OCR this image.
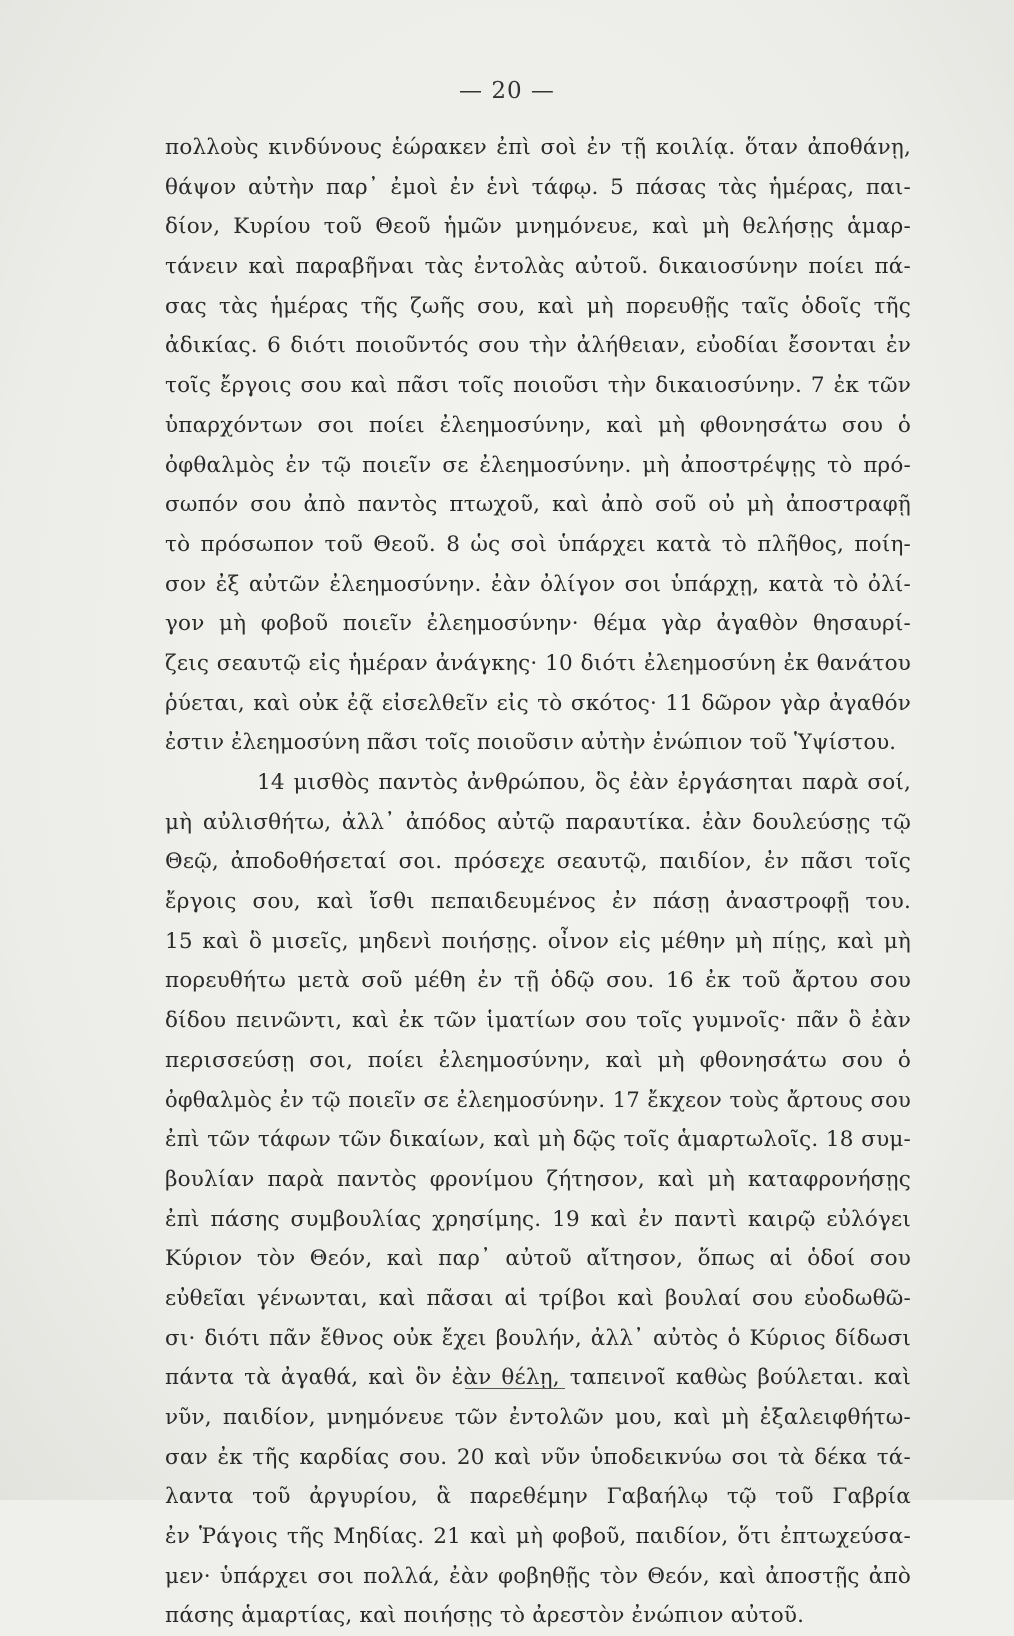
— 20 —
πολλοὺς κινδύνους ἑώρακεν ἐπὶ σοὶ ἐν τῇ κοιλίᾳ. ὅταν ἀποθάνῃ,
θάψον αὐτὴν παρ᾽ ἐμοὶ ἐν ἑνὶ τάφῳ. 5 πάσας τὰς ἡμέρας, παι-
δίον, Κυρίου τοῦ Θεοῦ ἡμῶν μνημόνευε, καὶ μὴ θελήσῃς ἁμαρ-
τάνειν καὶ παραβῆναι τὰς ἐντολὰς αὐτοῦ. δικαιοσύνην ποίει πά-
σας τὰς ἡμέρας τῆς ζωῆς σου, καὶ μὴ πορευθῇς ταῖς ὁδοῖς τῆς
ἀδικίας. 6 διότι ποιοῦντός σου τὴν ἀλήθειαν, εὐοδίαι ἔσονται ἐν
τοῖς ἔργοις σου καὶ πᾶσι τοῖς ποιοῦσι τὴν δικαιοσύνην. 7 ἐκ τῶν
ὑπαρχόντων σοι ποίει ἐλεημοσύνην, καὶ μὴ φθονησάτω σου ὁ
ὀφθαλμὸς ἐν τῷ ποιεῖν σε ἐλεημοσύνην. μὴ ἀποστρέψῃς τὸ πρό-
σωπόν σου ἀπὸ παντὸς πτωχοῦ, καὶ ἀπὸ σοῦ οὐ μὴ ἀποστραφῇ
τὸ πρόσωπον τοῦ Θεοῦ. 8 ὡς σοὶ ὑπάρχει κατὰ τὸ πλῆθος, ποίη-
σον ἐξ αὐτῶν ἐλεημοσύνην. ἐὰν ὀλίγον σοι ὑπάρχῃ, κατὰ τὸ ὀλί-
γον μὴ φοβοῦ ποιεῖν ἐλεημοσύνην· θέμα γὰρ ἀγαθὸν θησαυρί-
ζεις σεαυτῷ εἰς ἡμέραν ἀνάγκης· 10 διότι ἐλεημοσύνη ἐκ θανάτου
ῥύεται, καὶ οὐκ ἐᾷ εἰσελθεῖν εἰς τὸ σκότος· 11 δῶρον γὰρ ἀγαθόν
ἐστιν ἐλεημοσύνη πᾶσι τοῖς ποιοῦσιν αὐτὴν ἐνώπιον τοῦ Ὑψίστου.
14 μισθὸς παντὸς ἀνθρώπου, ὃς ἐὰν ἐργάσηται παρὰ σοί,
μὴ αὐλισθήτω, ἀλλ᾽ ἀπόδος αὐτῷ παραυτίκα. ἐὰν δουλεύσῃς τῷ
Θεῷ, ἀποδοθήσεταί σοι. πρόσεχε σεαυτῷ, παιδίον, ἐν πᾶσι τοῖς
ἔργοις σου, καὶ ἴσθι πεπαιδευμένος ἐν πάσῃ ἀναστροφῇ του.
15 καὶ ὃ μισεῖς, μηδενὶ ποιήσῃς. οἶνον εἰς μέθην μὴ πίῃς, καὶ μὴ
πορευθήτω μετὰ σοῦ μέθη ἐν τῇ ὁδῷ σου. 16 ἐκ τοῦ ἄρτου σου
δίδου πεινῶντι, καὶ ἐκ τῶν ἱματίων σου τοῖς γυμνοῖς· πᾶν ὃ ἐὰν
περισσεύσῃ σοι, ποίει ἐλεημοσύνην, καὶ μὴ φθονησάτω σου ὁ
ὀφθαλμὸς ἐν τῷ ποιεῖν σε ἐλεημοσύνην. 17 ἔκχεον τοὺς ἄρτους σου
ἐπὶ τῶν τάφων τῶν δικαίων, καὶ μὴ δῷς τοῖς ἁμαρτωλοῖς. 18 συμ-
βουλίαν παρὰ παντὸς φρονίμου ζήτησον, καὶ μὴ καταφρονήσῃς
ἐπὶ πάσης συμβουλίας χρησίμης. 19 καὶ ἐν παντὶ καιρῷ εὐλόγει
Κύριον τὸν Θεόν, καὶ παρ᾽ αὐτοῦ αἴτησον, ὅπως αἱ ὁδοί σου
εὐθεῖαι γένωνται, καὶ πᾶσαι αἱ τρίβοι καὶ βουλαί σου εὐοδωθῶ-
σι· διότι πᾶν ἔθνος οὐκ ἔχει βουλήν, ἀλλ᾽ αὐτὸς ὁ Κύριος δίδωσι
πάντα τὰ ἀγαθά, καὶ ὃν ἐὰν θέλῃ, ταπεινοῖ καθὼς βούλεται. καὶ
νῦν, παιδίον, μνημόνευε τῶν ἐντολῶν μου, καὶ μὴ ἐξαλειφθήτω-
σαν ἐκ τῆς καρδίας σου. 20 καὶ νῦν ὑποδεικνύω σοι τὰ δέκα τά-
λαντα τοῦ ἀργυρίου, ἃ παρεθέμην Γαβαήλῳ τῷ τοῦ Γαβρία
ἐν Ῥάγοις τῆς Μηδίας. 21 καὶ μὴ φοβοῦ, παιδίον, ὅτι ἐπτωχεύσα-
μεν· ὑπάρχει σοι πολλά, ἐὰν φοβηθῇς τὸν Θεόν, καὶ ἀποστῇς ἀπὸ
πάσης ἁμαρτίας, καὶ ποιήσῃς τὸ ἀρεστὸν ἐνώπιον αὐτοῦ.
